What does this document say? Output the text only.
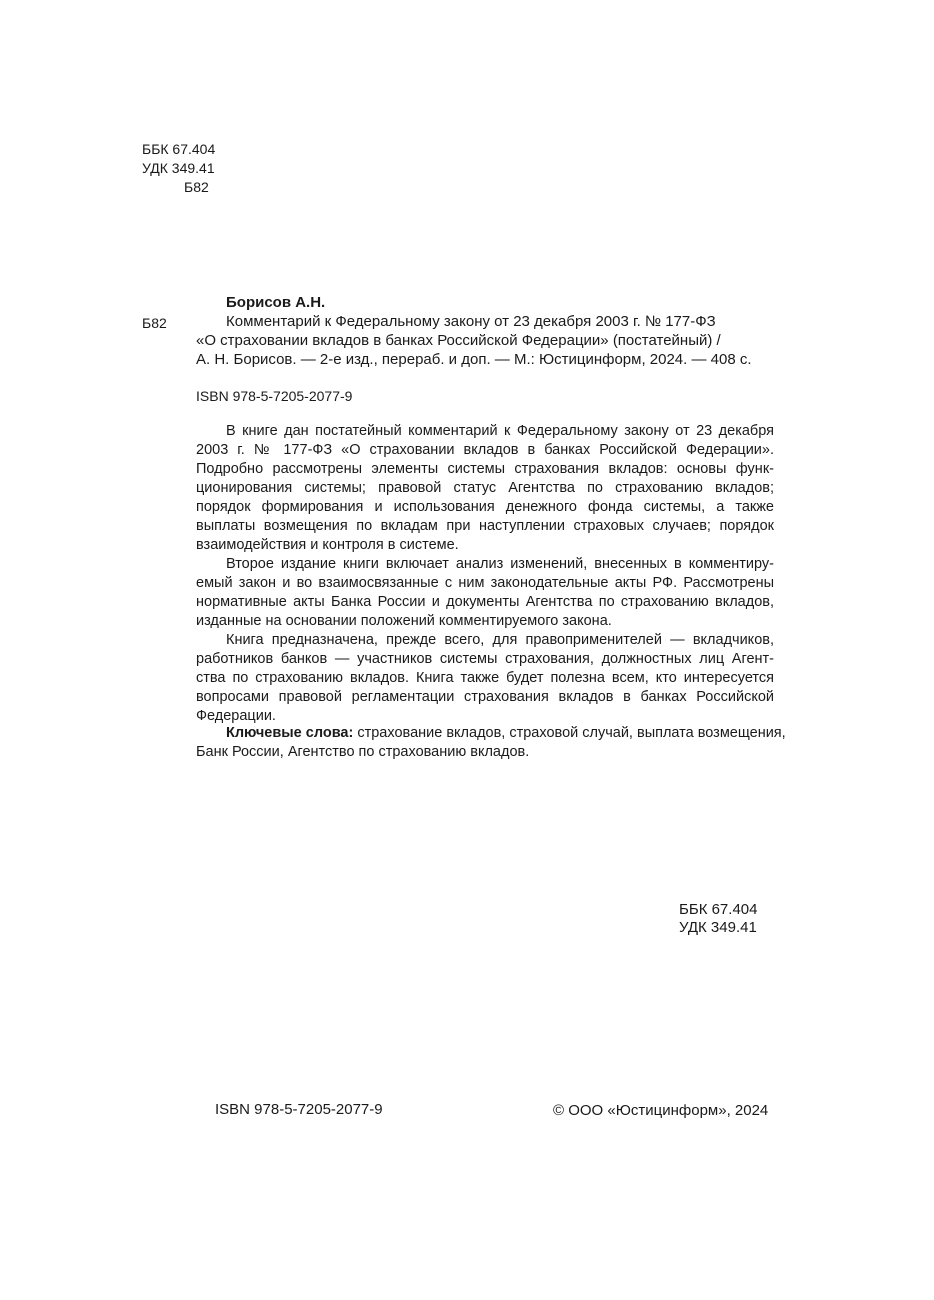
ББК 67.404
УДК 349.41
Б82
Борисов А.Н.
Б82	Комментарий к Федеральному закону от 23 декабря 2003 г. № 177-ФЗ
«О страховании вкладов в банках Российской Федерации» (постатейный) /
А. Н. Борисов. — 2-е изд., перераб. и доп. — М.: Юстицинформ, 2024. — 408 с.
ISBN 978-5-7205-2077-9
В книге дан постатейный комментарий к Федеральному закону от 23 декабря
2003 г. № 177-ФЗ «О страховании вкладов в банках Российской Федерации».
Подробно рассмотрены элементы системы страхования вкладов: основы функ-
ционирования системы; правовой статус Агентства по страхованию вкладов;
порядок формирования и использования денежного фонда системы, а также
выплаты возмещения по вкладам при наступлении страховых случаев; порядок
взаимодействия и контроля в системе.
Второе издание книги включает анализ изменений, внесенных в комментиру-
емый закон и во взаимосвязанные с ним законодательные акты РФ. Рассмотрены
нормативные акты Банка России и документы Агентства по страхованию вкладов,
изданные на основании положений комментируемого закона.
Книга предназначена, прежде всего, для правоприменителей — вкладчиков,
работников банков — участников системы страхования, должностных лиц Агент-
ства по страхованию вкладов. Книга также будет полезна всем, кто интересуется
вопросами правовой регламентации страхования вкладов в банках Российской
Федерации.
Ключевые слова: страхование вкладов, страховой случай, выплата возмещения,
Банк России, Агентство по страхованию вкладов.
ББК 67.404
УДК 349.41
ISBN 978-5-7205-2077-9	© ООО «Юстицинформ», 2024
